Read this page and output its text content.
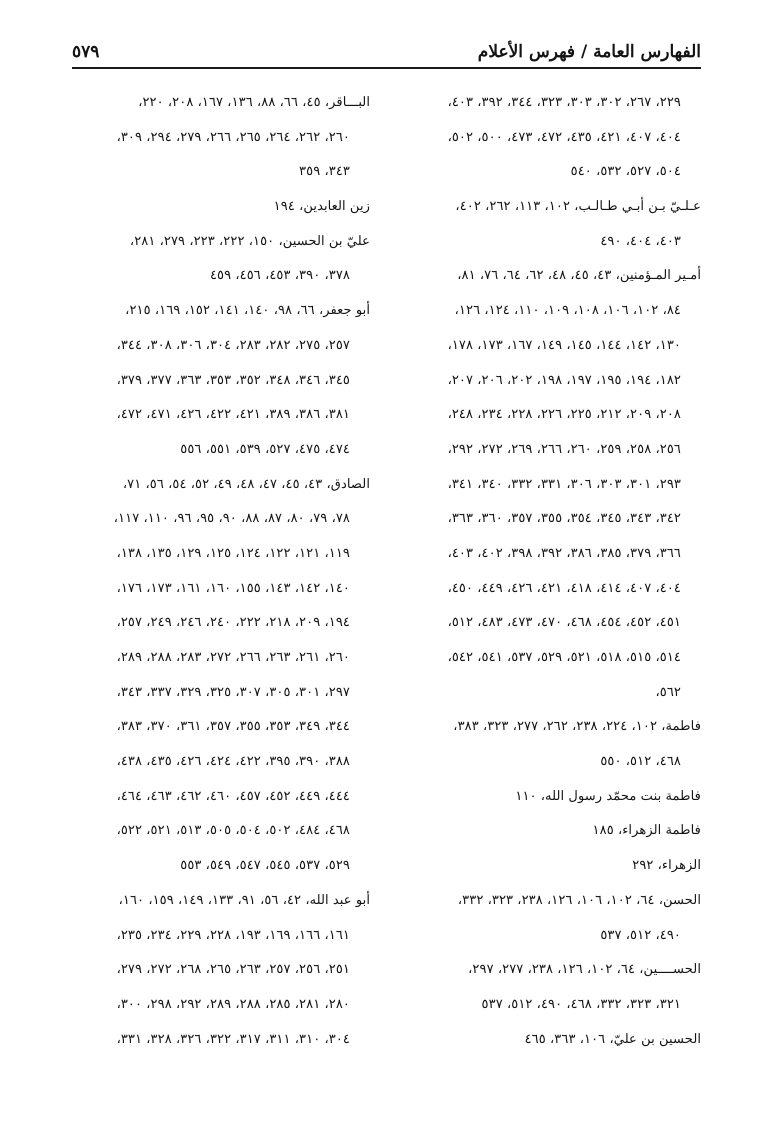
الفهارس العامة / فهرس الأعلام
٥٧٩
٢٢٩، ٢٦٧، ٣٠٢، ٣٠٣، ٣٢٣، ٣٤٤، ٣٩٢، ٤٠٣،
٤٠٤، ٤٠٧، ٤٢١، ٤٣٥، ٤٧٢، ٤٧٣، ٥٠٠، ٥٠٢،
٥٠٤، ٥٢٧، ٥٣٢، ٥٤٠
عـلـيّ بـن أبـي طـالـب، ١٠٢، ١١٣، ٢٦٢، ٤٠٢،
٤٠٣، ٤٠٤، ٤٩٠
أمـير المـؤمنين، ٤٣، ٤٥، ٤٨، ٦٢، ٦٤، ٧٦، ٨١،
٨٤، ١٠٢، ١٠٦، ١٠٨، ١٠٩، ١١٠، ١٢٤، ١٢٦،
١٣٠، ١٤٢، ١٤٤، ١٤٥، ١٤٩، ١٦٧، ١٧٣، ١٧٨،
١٨٢، ١٩٤، ١٩٥، ١٩٧، ١٩٨، ٢٠٢، ٢٠٦، ٢٠٧،
٢٠٨، ٢٠٩، ٢١٢، ٢٢٥، ٢٢٦، ٢٢٨، ٢٣٤، ٢٤٨،
٢٥٦، ٢٥٨، ٢٥٩، ٢٦٠، ٢٦٦، ٢٦٩، ٢٧٢، ٢٩٢،
٢٩٣، ٣٠١، ٣٠٣، ٣٠٦، ٣٣١، ٣٣٢، ٣٤٠، ٣٤١،
٣٤٢، ٣٤٣، ٣٤٥، ٣٥٤، ٣٥٥، ٣٥٧، ٣٦٠، ٣٦٣،
٣٦٦، ٣٧٩، ٣٨٥، ٣٨٦، ٣٩٢، ٣٩٨، ٤٠٢، ٤٠٣،
٤٠٤، ٤٠٧، ٤١٤، ٤١٨، ٤٢١، ٤٢٦، ٤٤٩، ٤٥٠،
٤٥١، ٤٥٢، ٤٥٤، ٤٦٨، ٤٧٠، ٤٧٣، ٤٨٣، ٥١٢،
٥١٤، ٥١٥، ٥١٨، ٥٢١، ٥٢٩، ٥٣٧، ٥٤١، ٥٤٢،
٥٦٢،
فاطمة، ١٠٢، ٢٢٤، ٢٣٨، ٢٦٢، ٢٧٧، ٣٢٣، ٣٨٣،
٤٦٨، ٥١٢، ٥٥٠
فاطمة بنت محمّد رسول الله، ١١٠
فاطمة الزهراء، ١٨٥
الزهراء، ٢٩٢
الحسن، ٦٤، ١٠٢، ١٠٦، ١٢٦، ٢٣٨، ٣٢٣، ٣٣٢،
٤٩٠، ٥١٢، ٥٣٧
الحســــين، ٦٤، ١٠٢، ١٢٦، ٢٣٨، ٢٧٧، ٢٩٧،
٣٢١، ٣٢٣، ٣٣٢، ٤٦٨، ٤٩٠، ٥١٢، ٥٣٧
الحسين بن عليّ، ١٠٦، ٣٦٣، ٤٦٥
البـــاقر، ٤٥، ٦٦، ٨٨، ١٣٦، ١٦٧، ٢٠٨، ٢٢٠،
٢٦٠، ٢٦٢، ٢٦٤، ٢٦٥، ٢٦٦، ٢٧٩، ٢٩٤، ٣٠٩،
٣٤٣، ٣٥٩
زين العابدين، ١٩٤
عليّ بن الحسين، ١٥٠، ٢٢٢، ٢٢٣، ٢٧٩، ٢٨١،
٣٧٨، ٣٩٠، ٤٥٣، ٤٥٦، ٤٥٩
أبو جعفر، ٦٦، ٩٨، ١٤٠، ١٤١، ١٥٢، ١٦٩، ٢١٥،
٢٥٧، ٢٧٥، ٢٨٢، ٢٨٣، ٣٠٤، ٣٠٦، ٣٠٨، ٣٤٤،
٣٤٥، ٣٤٦، ٣٤٨، ٣٥٢، ٣٥٣، ٣٦٣، ٣٧٧، ٣٧٩،
٣٨١، ٣٨٦، ٣٨٩، ٤٢١، ٤٢٢، ٤٢٦، ٤٧١، ٤٧٢،
٤٧٤، ٤٧٥، ٥٢٧، ٥٣٩، ٥٥١، ٥٥٦
الصادق، ٤٣، ٤٥، ٤٧، ٤٨، ٤٩، ٥٢، ٥٤، ٥٦، ٧١،
٧٨، ٧٩، ٨٠، ٨٧، ٨٨، ٩٠، ٩٥، ٩٦، ١١٠، ١١٧،
١١٩، ١٢١، ١٢٢، ١٢٤، ١٢٥، ١٢٩، ١٣٥، ١٣٨،
١٤٠، ١٤٢، ١٤٣، ١٥٥، ١٦٠، ١٦١، ١٧٣، ١٧٦،
١٩٤، ٢٠٩، ٢١٨، ٢٢٢، ٢٤٠، ٢٤٦، ٢٤٩، ٢٥٧،
٢٦٠، ٢٦١، ٢٦٣، ٢٦٦، ٢٧٢، ٢٨٣، ٢٨٨، ٢٨٩،
٢٩٧، ٣٠١، ٣٠٥، ٣٠٧، ٣٢٥، ٣٢٩، ٣٣٧، ٣٤٣،
٣٤٤، ٣٤٩، ٣٥٣، ٣٥٥، ٣٥٧، ٣٦١، ٣٧٠، ٣٨٣،
٣٨٨، ٣٩٠، ٣٩٥، ٤٢٢، ٤٢٤، ٤٢٦، ٤٣٥، ٤٣٨،
٤٤٤، ٤٤٩، ٤٥٢، ٤٥٧، ٤٦٠، ٤٦٢، ٤٦٣، ٤٦٤،
٤٦٨، ٤٨٤، ٥٠٢، ٥٠٤، ٥٠٥، ٥١٣، ٥٢١، ٥٢٢،
٥٢٩، ٥٣٧، ٥٤٥، ٥٤٧، ٥٤٩، ٥٥٣
أبو عبد الله، ٤٢، ٥٦، ٩١، ١٣٣، ١٤٩، ١٥٩، ١٦٠،
١٦١، ١٦٦، ١٦٩، ١٩٣، ٢٢٨، ٢٢٩، ٢٣٤، ٢٣٥،
٢٥١، ٢٥٦، ٢٥٧، ٢٦٣، ٢٦٥، ٢٦٨، ٢٧٢، ٢٧٩،
٢٨٠، ٢٨١، ٢٨٥، ٢٨٨، ٢٨٩، ٢٩٢، ٢٩٨، ٣٠٠،
٣٠٤، ٣١٠، ٣١١، ٣١٧، ٣٢٢، ٣٢٦، ٣٢٨، ٣٣١،
